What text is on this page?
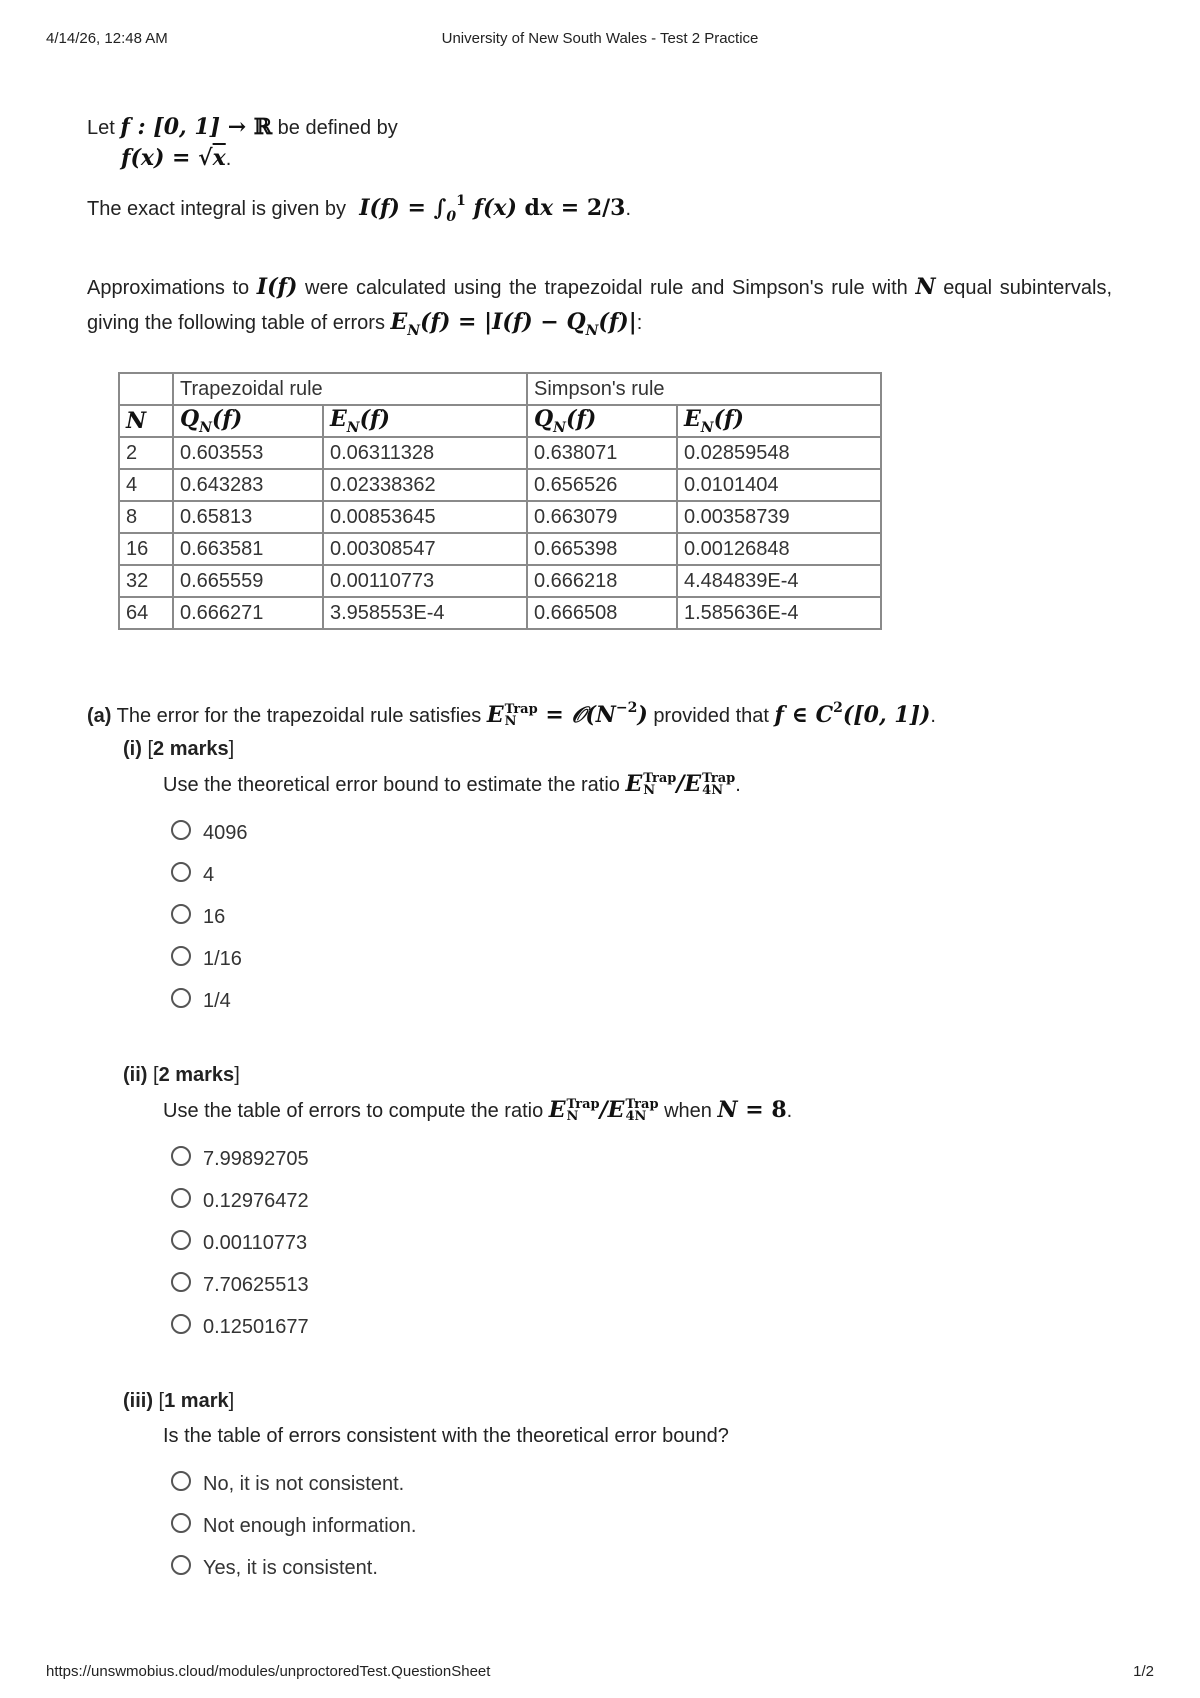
4/14/26, 12:48 AM	University of New South Wales - Test 2 Practice
Let f : [0, 1] → ℝ be defined by
f(x) = √x.
The exact integral is given by  $I(f) = \int_0^1$ f(x) dx = 2/3.
Approximations to I(f) were calculated using the trapezoidal rule and Simpson's rule with N equal subintervals, giving the following table of errors $E_N(f) = |I(f) - Q_N(f)|$:
	Trapezoidal rule		Simpson's rule	
N	$Q_N(f)$	$E_N(f)$	$Q_N(f)$	$E_N(f)$
2	0.603553	0.06311328	0.638071	0.02859548
4	0.643283	0.02338362	0.656526	0.0101404
8	0.65813	0.00853645	0.663079	0.00358739
16	0.663581	0.00308547	0.665398	0.00126848
32	0.665559	0.00110773	0.666218	4.484839E-4
64	0.666271	3.958553E-4	0.666508	1.585636E-4
(a) The error for the trapezoidal rule satisfies E Trap
$N = 𝒪(N^{-2})$ provided that f ∈ $C^2([0$, 1]).
(i) [2 marks]
Use the theoretical error bound to estimate the ratio E Trap
N /E Trap
4N .
4096
4
16
1/16
1/4
(ii) [2 marks]
Use the table of errors to compute the ratio E Trap
N /E Trap
4N when N = 8.
7.99892705
0.12976472
0.00110773
7.70625513
0.12501677
(iii) [1 mark]
Is the table of errors consistent with the theoretical error bound?
No, it is not consistent.
Not enough information.
Yes, it is consistent.
https://unswmobius.cloud/modules/unproctoredTest.QuestionSheet	1/2
